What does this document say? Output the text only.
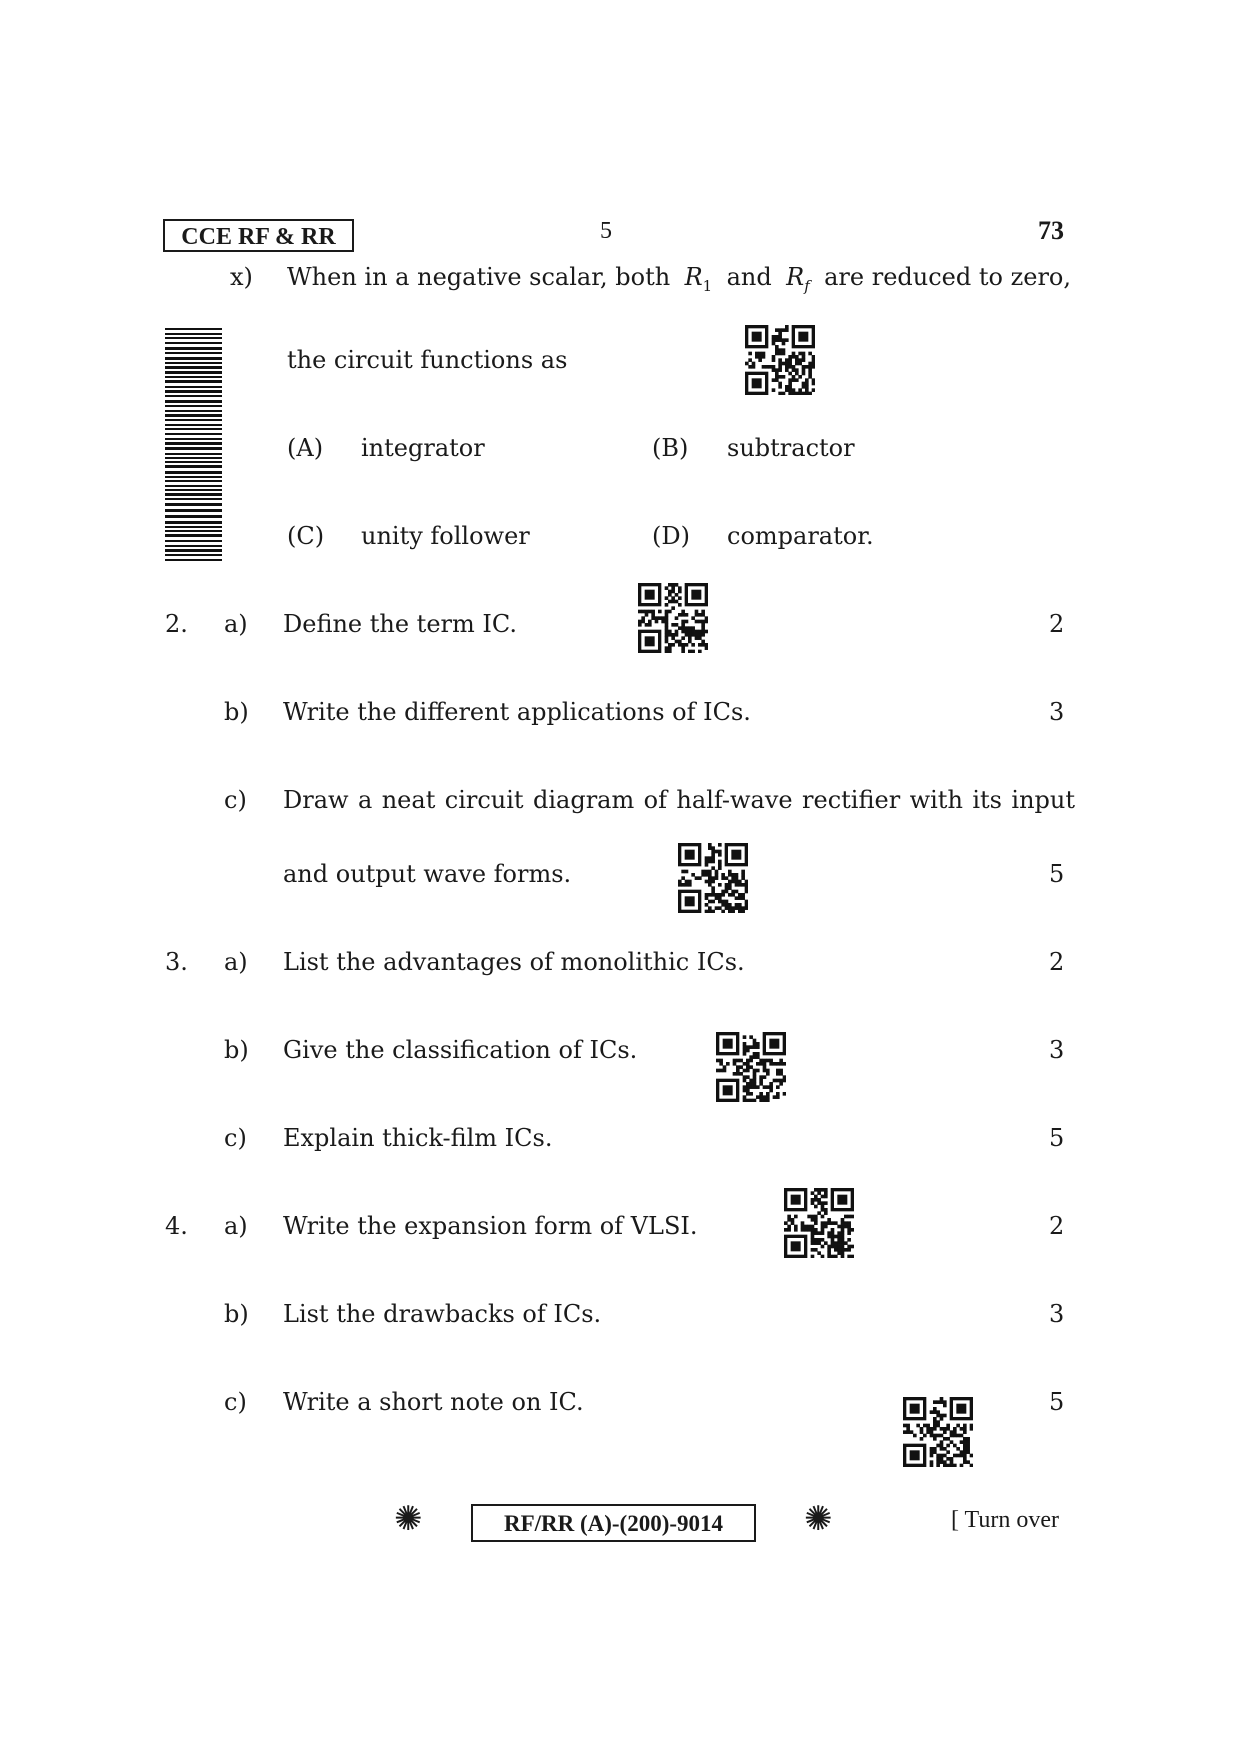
CCE RF & RR	5	73
x) When in a negative scalar, both $R_1$ and $R_f$ are reduced to zero,
the circuit functions as
(A) integrator	(B) subtractor
(C) unity follower	(D) comparator.
2. a) Define the term IC.	2
b) Write the different applications of ICs.	3
c) Draw a neat circuit diagram of half-wave rectifier with its input
and output wave forms.	5
3. a) List the advantages of monolithic ICs.	2
b) Give the classification of ICs.	3
c) Explain thick-film ICs.	5
4. a) Write the expansion form of VLSI.	2
b) List the drawbacks of ICs.	3
c) Write a short note on IC.	5
✺	RF/RR (A)-(200)-9014	✺	[ Turn over
